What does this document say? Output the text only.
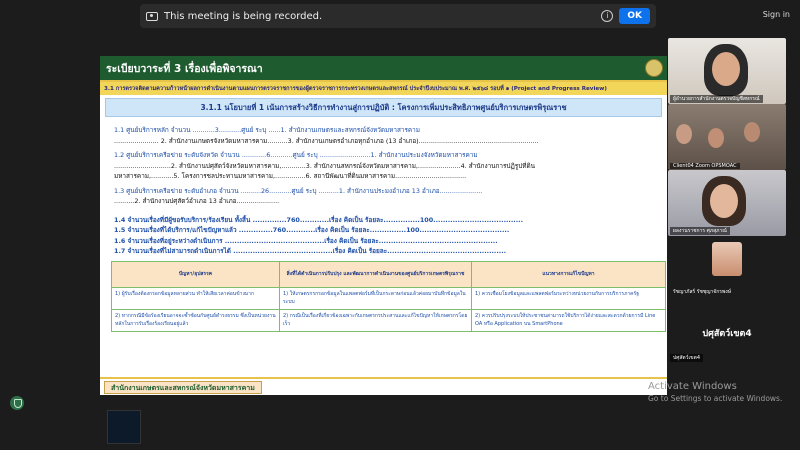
This meeting is being recorded.	i	OK	Sign in
ระเบียบวาระที่ 3 เรื่องเพื่อพิจารณา
3.1 การตรวจติดตามความก้าวหน้าผลการดำเนินงานตามแผนการตรวจราชการของผู้ตรวจราชการกระทรวงเกษตรและสหกรณ์ ประจำปีงบประมาณ พ.ศ. ๒๕๖๘ รอบที่ ๑ (Project and Progress Review)
3.1.1 นโยบายที่ 1 เน้นการสร้างวิธีการทำงานสู่การปฏิบัติ : โครงการเพิ่มประสิทธิภาพศูนย์บริการเกษตรพิรุณราช
1.1 ศูนย์บริการหลัก จำนวน ...........3...........ศูนย์ ระบุ ......1. สำนักงานเกษตรและสหกรณ์จังหวัดมหาสารคาม
...................... 2. สำนักงานเกษตรจังหวัดมหาสารคาม..........3. สำนักงานเกษตรอำเภอทุกอำเภอ (13 อำเภอ)...........................................................
1.2 ศูนย์บริการเครือข่าย ระดับจังหวัด จำนวน ............6...........ศูนย์ ระบุ .........................1. สำนักงานประมงจังหวัดมหาสารคาม
............................2. สำนักงานปศุสัตว์จังหวัดมหาสารคาม,............3. สำนักงานสหกรณ์จังหวัดมหาสารคาม,.....................4. สำนักงานการปฏิรูปที่ดิน
มหาสารคาม,...........5. โครงการชลประทานมหาสารคาม,...............6. สถานีพัฒนาที่ดินมหาสารคาม...................................
1.3 ศูนย์บริการเครือข่าย ระดับอำเภอ จำนวน ..........26...........ศูนย์ ระบุ ..........1. สำนักงานประมงอำเภอ 13 อำเภอ.....................
..........2. สำนักงานปศุสัตว์อำเภอ 13 อำเภอ.....................
1.4 จำนวนเรื่องที่มีผู้ขอรับบริการ/ร้องเรียน ทั้งสิ้น ..............760............เรื่อง คิดเป็น ร้อยละ...............100.....................................
1.5 จำนวนเรื่องที่ได้บริการ/แก้ไขปัญหาแล้ว ..............760............เรื่อง คิดเป็น ร้อยละ...............100.....................................
1.6 จำนวนเรื่องที่อยู่ระหว่างดำเนินการ .........................................เรื่อง คิดเป็น ร้อยละ.................................................
1.7 จำนวนเรื่องที่ไม่สามารถดำเนินการได้ .........................................เรื่อง คิดเป็น ร้อยละ.................................................
ปัญหา/อุปสรรค	สิ่งที่ได้ดำเนินการปรับปรุง และพัฒนาการดำเนินงานของศูนย์บริการเกษตรพิรุณราช	แนวทางการแก้ไขปัญหา
1) ผู้รับเรื่องต้องกรอกข้อมูลหลายส่วน ทำให้เสียเวลาค่อนข้างมาก	1) ให้เกษตรกรกรอกข้อมูลในแพลตฟอร์มที่เป็นกระดาษก่อนแล้วค่อยมาบันทึกข้อมูลในระบบ	1) ควรเชื่อมโยงข้อมูลและแพลตฟอร์มระหว่างหน่วยงานกับการบริการภาครัฐ
2) หากกรณีมีข้อร้องเรียนอาจจะซ้ำซ้อนกับศูนย์ดำรงธรรม ซึ่งเป็นหน่วยงานหลักในการรับเรื่องร้องเรียนอยู่แล้ว	2) กรณีเป็นเรื่องที่เกี่ยวข้องเฉพาะกับเกษตรกรประสานและแก้ไขปัญหาให้เกษตรกรโดยเร็ว	2) ควรปรับปรุงระบบให้ประชาชนสามารถใช้บริการได้ง่ายและสะดวกด้วยการมี Line OA หรือ Application บน SmartPhone
สำนักงานเกษตรและสหกรณ์จังหวัดมหาสารคาม
ผู้อำนวยการสำนักงานตรวจบัญชีสหกรณ์
Client04 Zoom OPSMOAC
ผลงานราชการ ศุภสุภาณ์
รัชญาภัสร์ รัชชุญาจักรพงษ์
ปศุสัตว์เขต4
ปศุสัตว์เขต4
Activate Windows
Go to Settings to activate Windows.
